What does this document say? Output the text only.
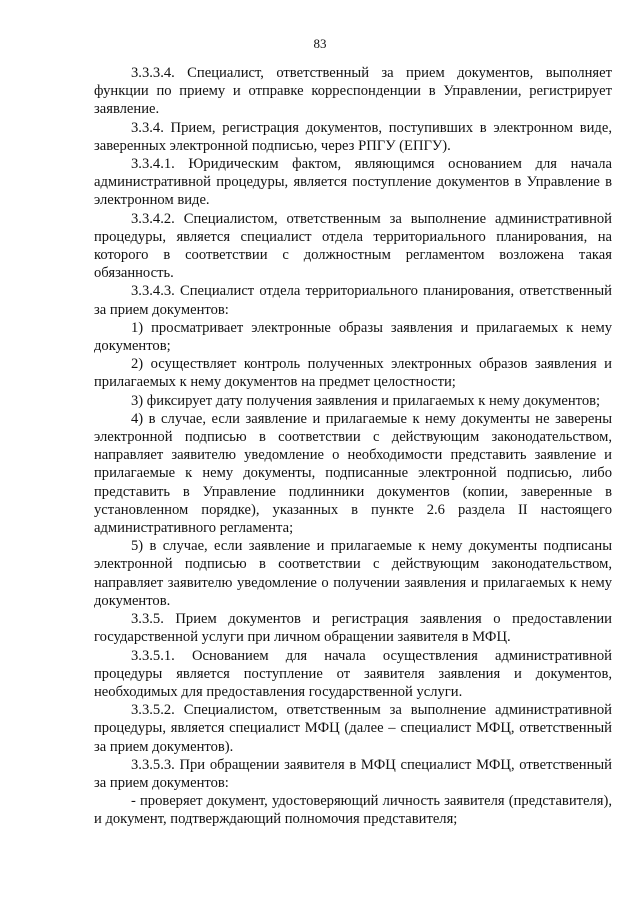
83

3.3.3.4. Специалист, ответственный за прием документов, выполняет функции по приему и отправке корреспонденции в Управлении, регистрирует заявление.

3.3.4. Прием, регистрация документов, поступивших в электронном виде, заверенных электронной подписью, через РПГУ (ЕПГУ).

3.3.4.1. Юридическим фактом, являющимся основанием для начала административной процедуры, является поступление документов в Управление в электронном виде.

3.3.4.2. Специалистом, ответственным за выполнение административной процедуры, является специалист отдела территориального планирования, на которого в соответствии с должностным регламентом возложена такая обязанность.

3.3.4.3. Специалист отдела территориального планирования, ответственный за прием документов:

1) просматривает электронные образы заявления и прилагаемых к нему документов;

2) осуществляет контроль полученных электронных образов заявления и прилагаемых к нему документов на предмет целостности;

3) фиксирует дату получения заявления и прилагаемых к нему документов;

4) в случае, если заявление и прилагаемые к нему документы не заверены электронной подписью в соответствии с действующим законодательством, направляет заявителю уведомление о необходимости представить заявление и прилагаемые к нему документы, подписанные электронной подписью, либо представить в Управление подлинники документов (копии, заверенные в установленном порядке), указанных в пункте 2.6 раздела II настоящего административного регламента;

5) в случае, если заявление и прилагаемые к нему документы подписаны электронной подписью в соответствии с действующим законодательством, направляет заявителю уведомление о получении заявления и прилагаемых к нему документов.

3.3.5. Прием документов и регистрация заявления о предоставлении государственной услуги при личном обращении заявителя в МФЦ.

3.3.5.1. Основанием для начала осуществления административной процедуры является поступление от заявителя заявления и документов, необходимых для предоставления государственной услуги.

3.3.5.2. Специалистом, ответственным за выполнение административной процедуры, является специалист МФЦ (далее – специалист МФЦ, ответственный за прием документов).

3.3.5.3. При обращении заявителя в МФЦ специалист МФЦ, ответственный за прием документов:

- проверяет документ, удостоверяющий личность заявителя (представителя), и документ, подтверждающий полномочия представителя;
